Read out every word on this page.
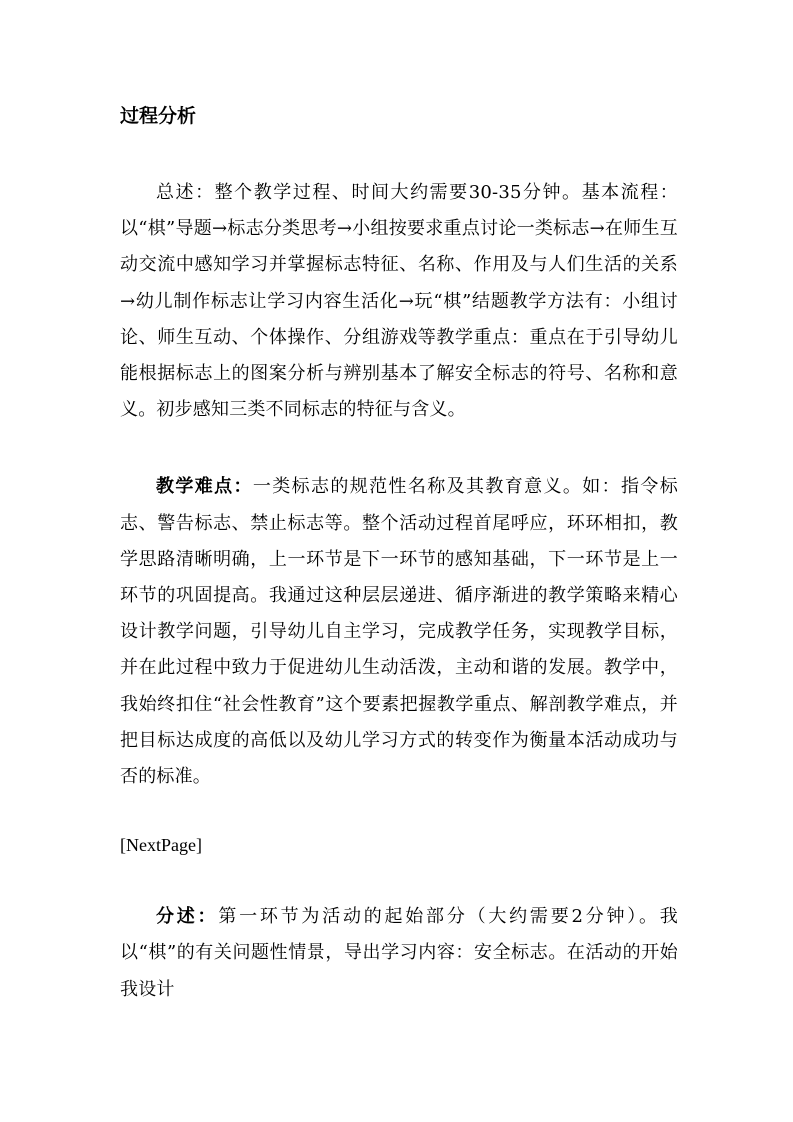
过程分析

总述：整个教学过程、时间大约需要30-35分钟。基本流程：以“棋”导题→标志分类思考→小组按要求重点讨论一类标志→在师生互动交流中感知学习并掌握标志特征、名称、作用及与人们生活的关系→幼儿制作标志让学习内容生活化→玩“棋”结题教学方法有：小组讨论、师生互动、个体操作、分组游戏等教学重点：重点在于引导幼儿能根据标志上的图案分析与辨别基本了解安全标志的符号、名称和意义。初步感知三类不同标志的特征与含义。

教学难点：一类标志的规范性名称及其教育意义。如：指令标志、警告标志、禁止标志等。整个活动过程首尾呼应，环环相扣，教学思路清晰明确，上一环节是下一环节的感知基础，下一环节是上一环节的巩固提高。我通过这种层层递进、循序渐进的教学策略来精心设计教学问题，引导幼儿自主学习，完成教学任务，实现教学目标，并在此过程中致力于促进幼儿生动活泼，主动和谐的发展。教学中，我始终扣住“社会性教育”这个要素把握教学重点、解剖教学难点，并把目标达成度的高低以及幼儿学习方式的转变作为衡量本活动成功与否的标准。

[NextPage]

分述：第一环节为活动的起始部分（大约需要2分钟）。我以“棋”的有关问题性情景，导出学习内容：安全标志。在活动的开始我设计
